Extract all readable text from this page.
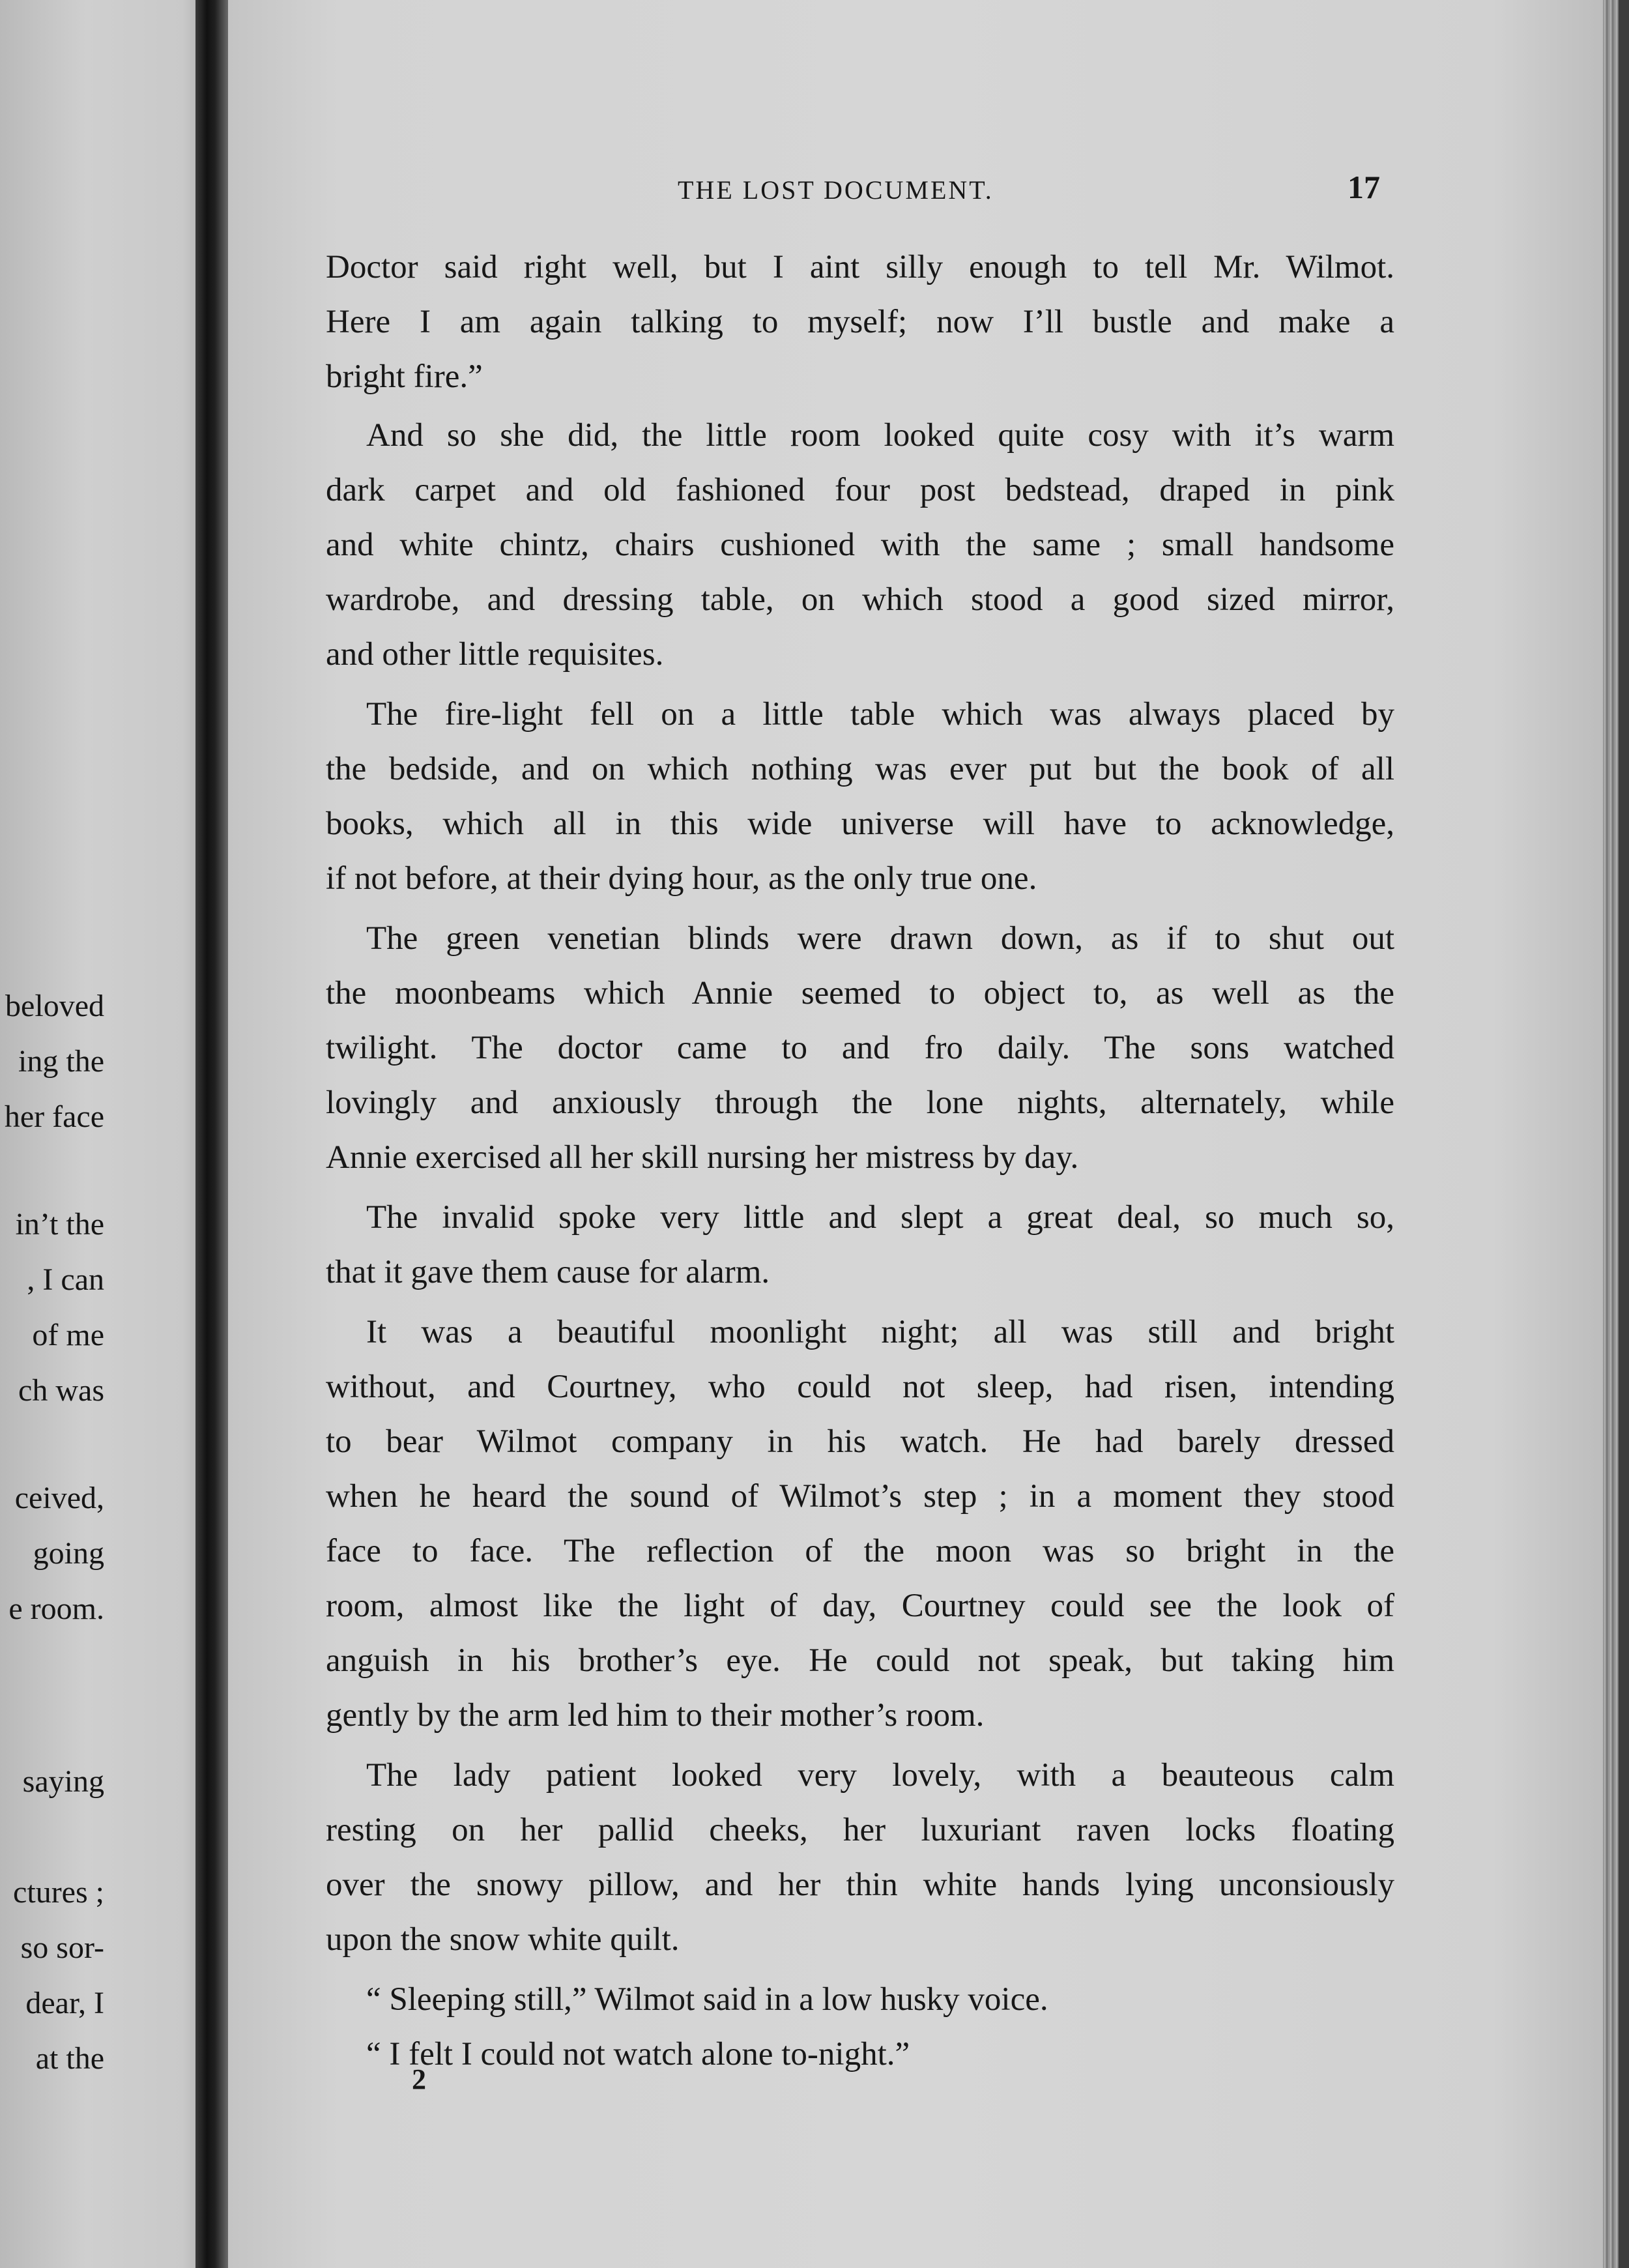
beloved
ing the
her face
in’t the
, I can
of me
ch was
ceived,
going
e room.
saying
ctures ;
so sor-
dear, I
at the
THE LOST DOCUMENT.	17
Doctor said right well, but I aint silly enough to tell Mr. Wilmot.
Here I am again talking to myself; now I’ll bustle and make a
bright fire.”
And so she did, the little room looked quite cosy with it’s warm
dark carpet and old fashioned four post bedstead, draped in pink
and white chintz, chairs cushioned with the same ; small handsome
wardrobe, and dressing table, on which stood a good sized mirror,
and other little requisites.
The fire-light fell on a little table which was always placed by
the bedside, and on which nothing was ever put but the book of all
books, which all in this wide universe will have to acknowledge,
if not before, at their dying hour, as the only true one.
The green venetian blinds were drawn down, as if to shut out
the moonbeams which Annie seemed to object to, as well as the
twilight. The doctor came to and fro daily. The sons watched
lovingly and anxiously through the lone nights, alternately, while
Annie exercised all her skill nursing her mistress by day.
The invalid spoke very little and slept a great deal, so much so,
that it gave them cause for alarm.
It was a beautiful moonlight night; all was still and bright
without, and Courtney, who could not sleep, had risen, intending
to bear Wilmot company in his watch. He had barely dressed
when he heard the sound of Wilmot’s step ; in a moment they stood
face to face. The reflection of the moon was so bright in the
room, almost like the light of day, Courtney could see the look of
anguish in his brother’s eye. He could not speak, but taking him
gently by the arm led him to their mother’s room.
The lady patient looked very lovely, with a beauteous calm
resting on her pallid cheeks, her luxuriant raven locks floating
over the snowy pillow, and her thin white hands lying unconsiously
upon the snow white quilt.
“ Sleeping still,” Wilmot said in a low husky voice.
“ I felt I could not watch alone to-night.”
2
